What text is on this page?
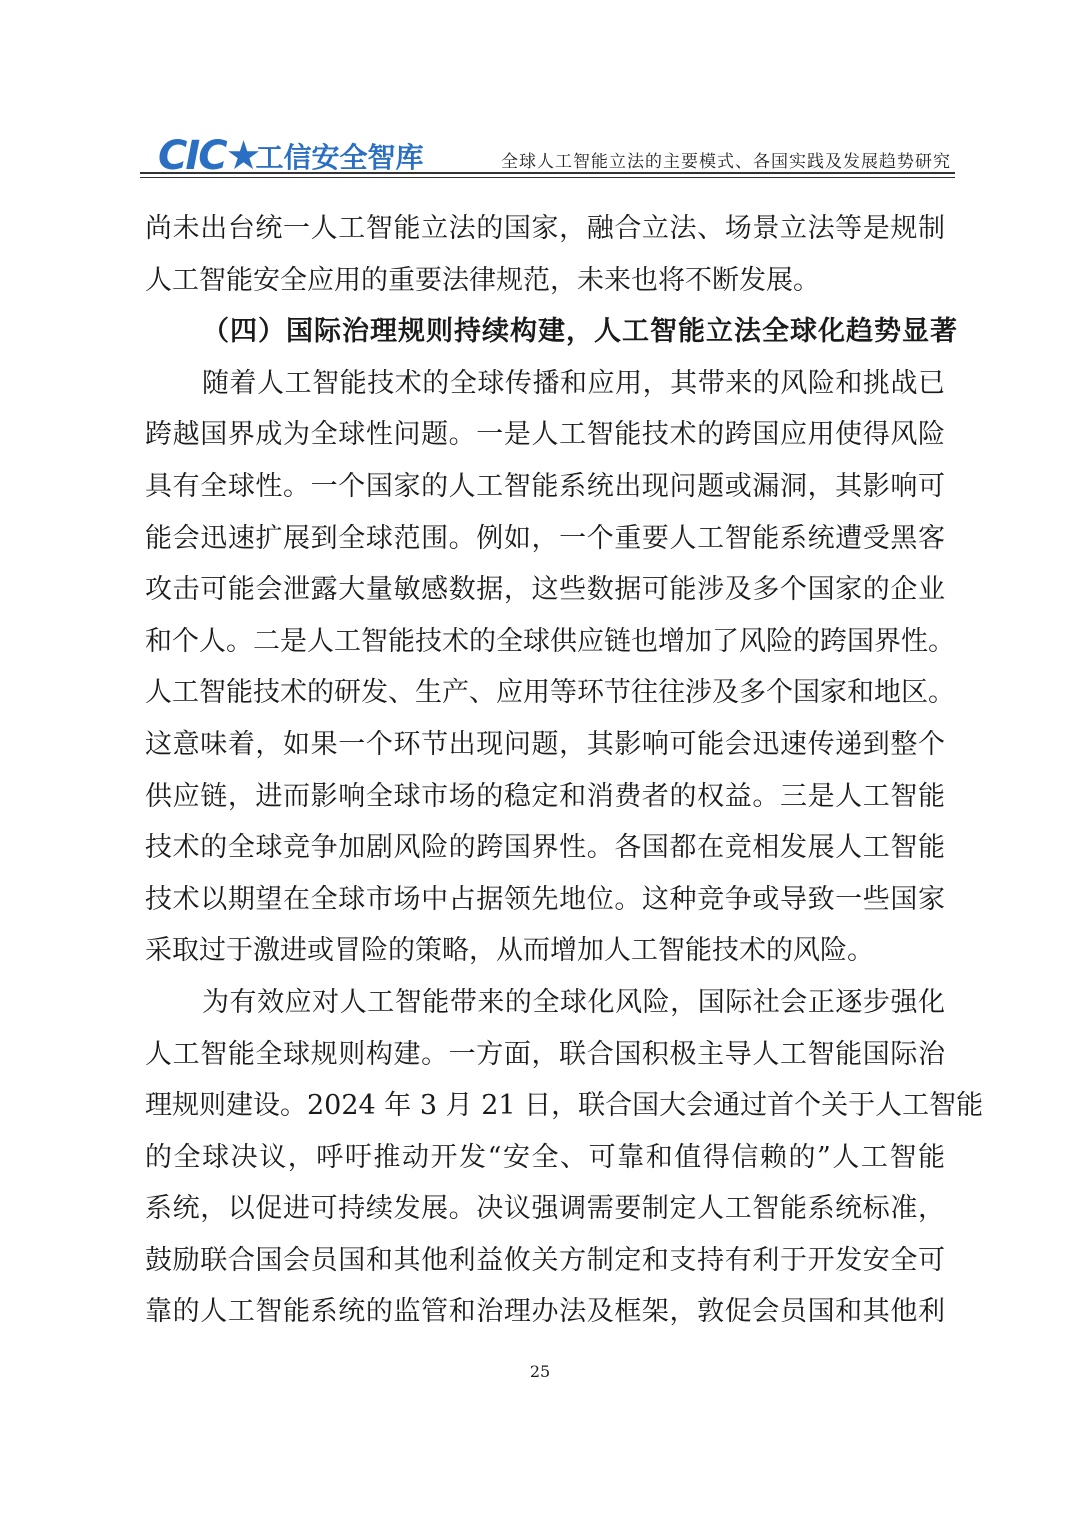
CIC ★
工信安全智库	全球人工智能立法的主要模式、各国实践及发展趋势研究
尚未出台统一人工智能立法的国家，融合立法、场景立法等是规制
人工智能安全应用的重要法律规范，未来也将不断发展。
（四）国际治理规则持续构建，人工智能立法全球化趋势显著
随着人工智能技术的全球传播和应用，其带来的风险和挑战已
跨越国界成为全球性问题。一是人工智能技术的跨国应用使得风险
具有全球性。一个国家的人工智能系统出现问题或漏洞，其影响可
能会迅速扩展到全球范围。例如，一个重要人工智能系统遭受黑客
攻击可能会泄露大量敏感数据，这些数据可能涉及多个国家的企业
和个人。二是人工智能技术的全球供应链也增加了风险的跨国界性。
人工智能技术的研发、生产、应用等环节往往涉及多个国家和地区。
这意味着，如果一个环节出现问题，其影响可能会迅速传递到整个
供应链，进而影响全球市场的稳定和消费者的权益。三是人工智能
技术的全球竞争加剧风险的跨国界性。各国都在竞相发展人工智能
技术以期望在全球市场中占据领先地位。这种竞争或导致一些国家
采取过于激进或冒险的策略，从而增加人工智能技术的风险。
为有效应对人工智能带来的全球化风险，国际社会正逐步强化
人工智能全球规则构建。一方面，联合国积极主导人工智能国际治
理规则建设。2024 年 3 月 21 日，联合国大会通过首个关于人工智能
的全球决议，呼吁推动开发“安全、可靠和值得信赖的”人工智能
系统，以促进可持续发展。决议强调需要制定人工智能系统标准，
鼓励联合国会员国和其他利益攸关方制定和支持有利于开发安全可
靠的人工智能系统的监管和治理办法及框架，敦促会员国和其他利
25
